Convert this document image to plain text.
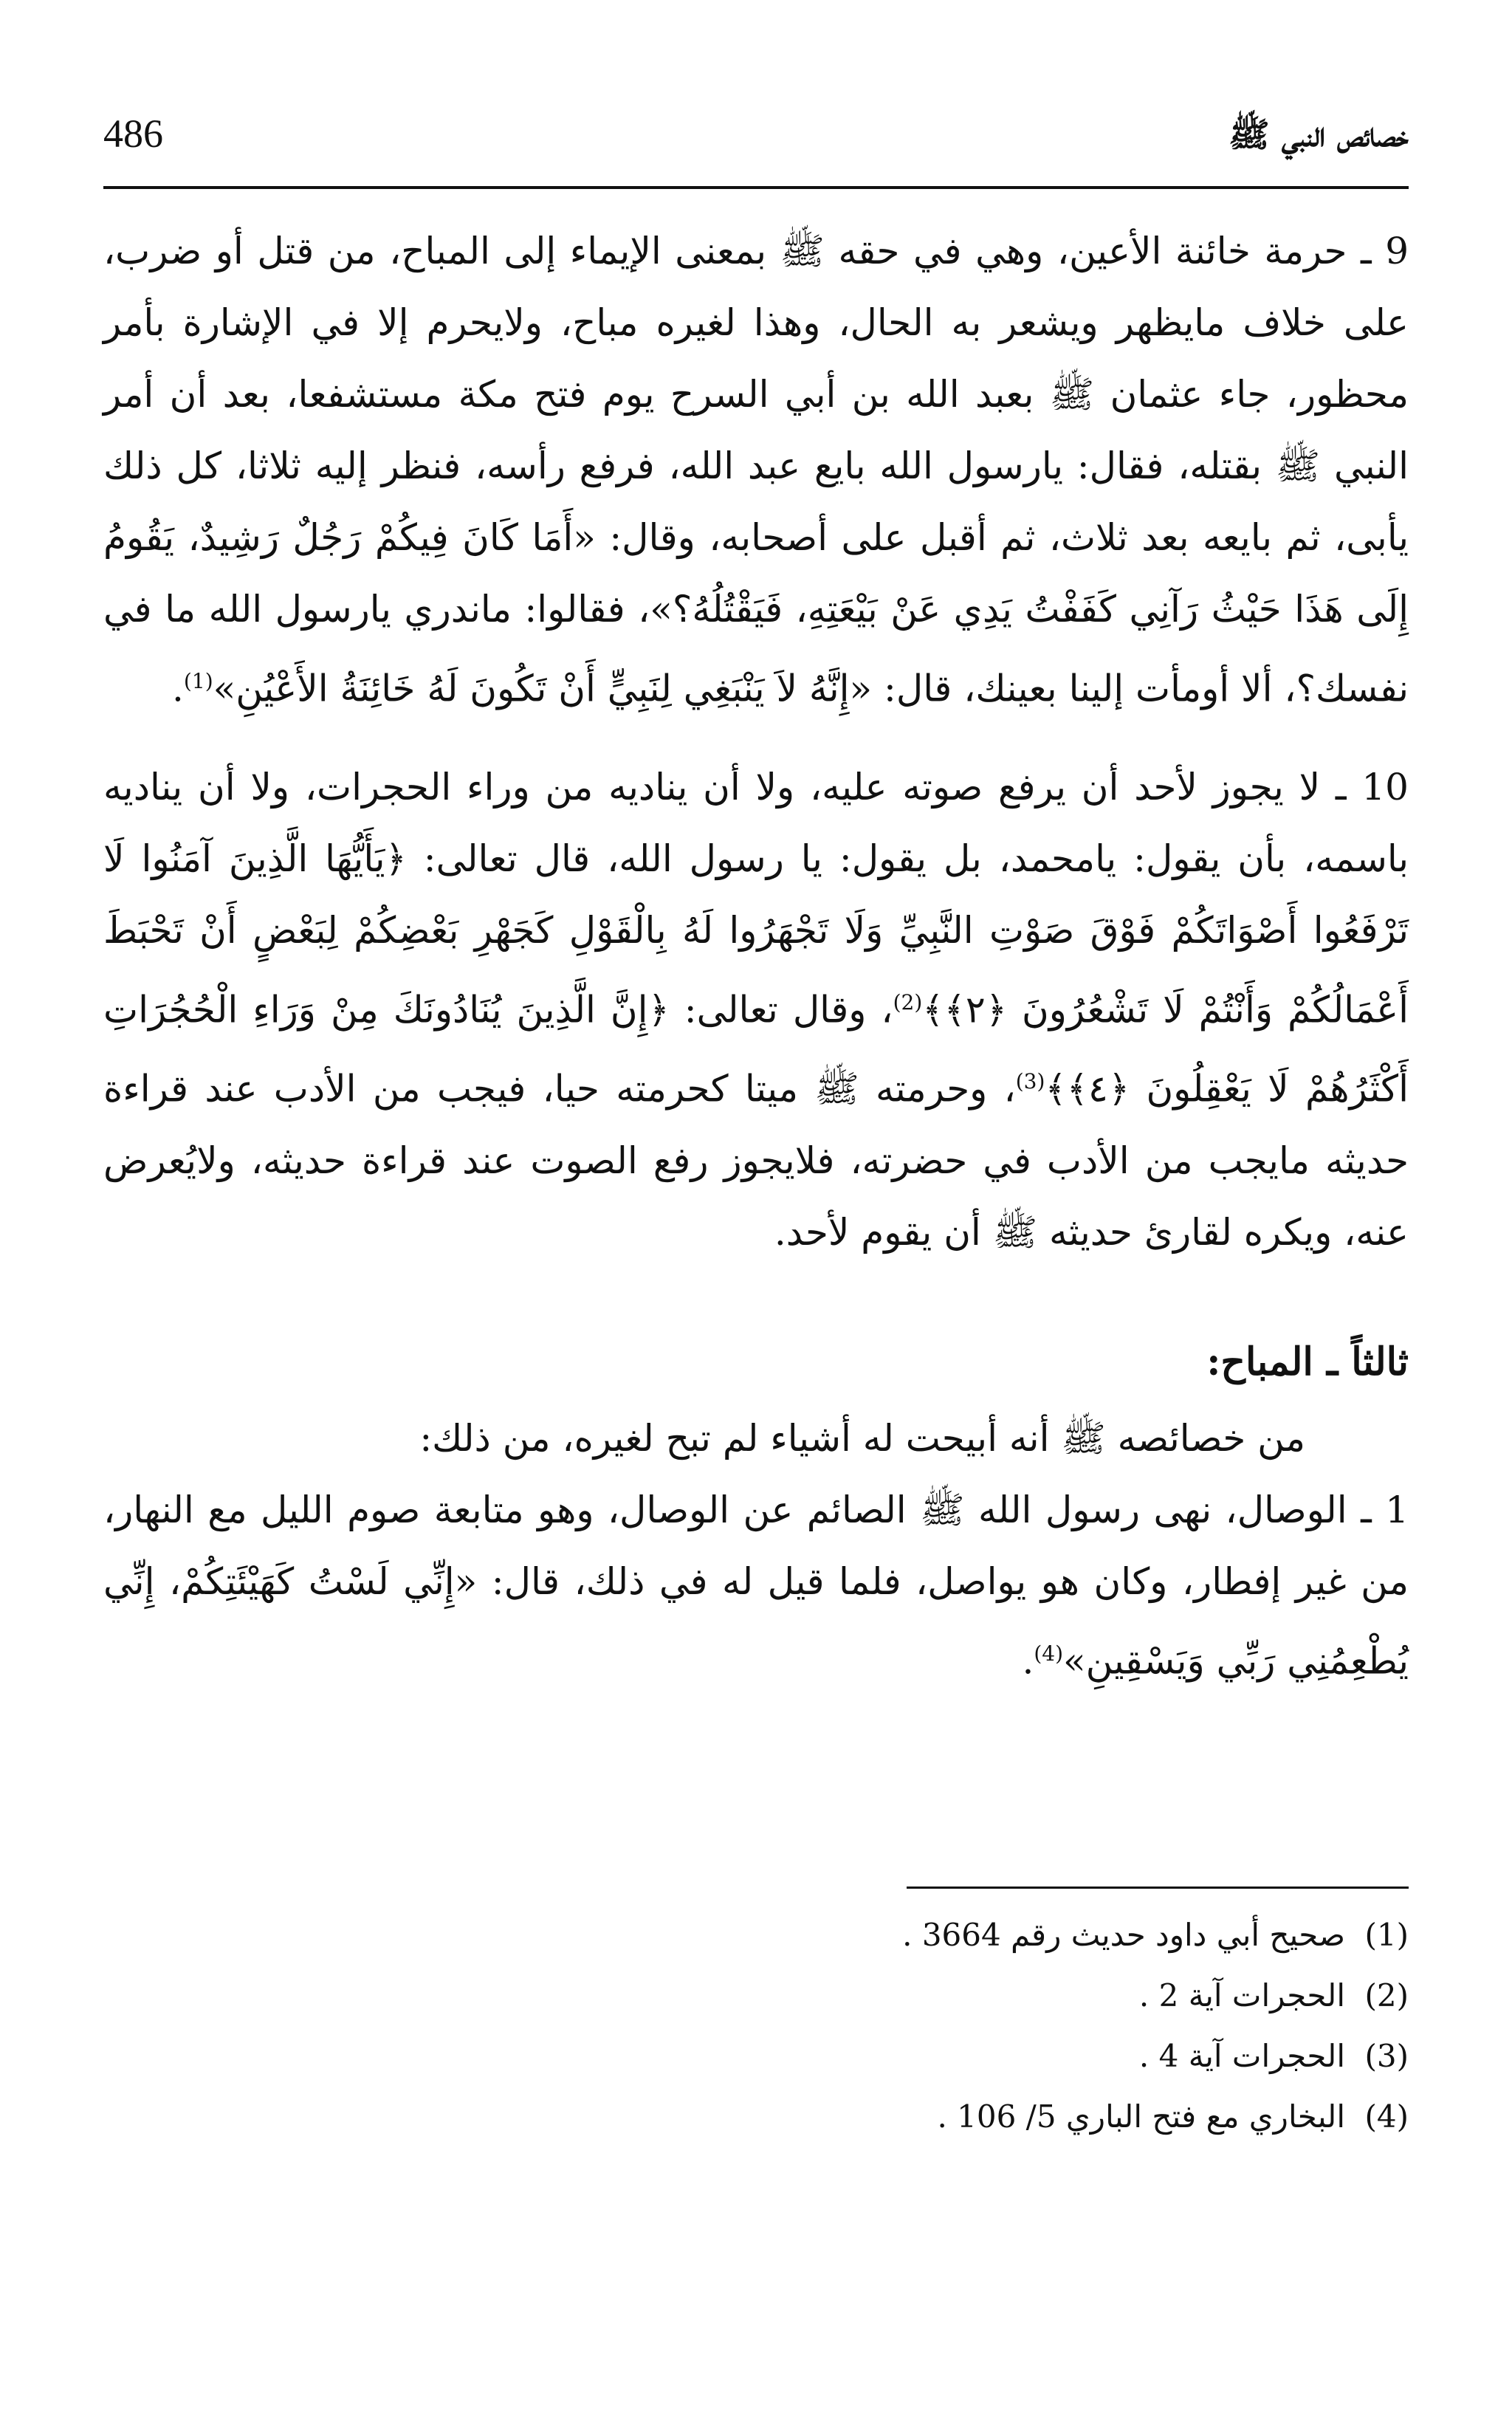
486	خصائص النبي ﷺ

9 ـ حرمة خائنة الأعين، وهي في حقه ﷺ بمعنى الإيماء إلى المباح، من قتل أو ضرب، على خلاف مايظهر ويشعر به الحال، وهذا لغيره مباح، ولايحرم إلا في الإشارة بأمر محظور، جاء عثمان ﷺ بعبد الله بن أبي السرح يوم فتح مكة مستشفعا، بعد أن أمر النبي ﷺ بقتله، فقال: يارسول الله بايع عبد الله، فرفع رأسه، فنظر إليه ثلاثا، كل ذلك يأبى، ثم بايعه بعد ثلاث، ثم أقبل على أصحابه، وقال: «أَمَا كَانَ فِيكُمْ رَجُلٌ رَشِيدٌ، يَقُومُ إِلَى هَذَا حَيْثُ رَآنِي كَفَفْتُ يَدِي عَنْ بَيْعَتِهِ، فَيَقْتُلُهُ؟»، فقالوا: ماندري يارسول الله ما في نفسك؟، ألا أومأت إلينا بعينك، قال: «إِنَّهُ لاَ يَنْبَغِي لِنَبِيٍّ أَنْ تَكُونَ لَهُ خَائِنَةُ الأَعْيُنِ»$^{(1)}$.

10 ـ لا يجوز لأحد أن يرفع صوته عليه، ولا أن يناديه من وراء الحجرات، ولا أن يناديه باسمه، بأن يقول: يامحمد، بل يقول: يا رسول الله، قال تعالى: ﴿يَأَيُّهَا الَّذِينَ آمَنُوا لَا تَرْفَعُوا أَصْوَاتَكُمْ فَوْقَ صَوْتِ النَّبِيِّ وَلَا تَجْهَرُوا لَهُ بِالْقَوْلِ كَجَهْرِ بَعْضِكُمْ لِبَعْضٍ أَنْ تَحْبَطَ أَعْمَالُكُمْ وَأَنْتُمْ لَا تَشْعُرُونَ ﴿٢﴾﴾$^{(2)}$، وقال تعالى: ﴿إِنَّ الَّذِينَ يُنَادُونَكَ مِنْ وَرَاءِ الْحُجُرَاتِ أَكْثَرُهُمْ لَا يَعْقِلُونَ ﴿٤﴾﴾$^{(3)}$، وحرمته ﷺ ميتا كحرمته حيا، فيجب من الأدب عند قراءة حديثه مايجب من الأدب في حضرته، فلايجوز رفع الصوت عند قراءة حديثه، ولايُعرض عنه، ويكره لقارئ حديثه ﷺ أن يقوم لأحد.

ثالثاً ـ المباح:

من خصائصه ﷺ أنه أبيحت له أشياء لم تبح لغيره، من ذلك:

1 ـ الوصال، نهى رسول الله ﷺ الصائم عن الوصال، وهو متابعة صوم الليل مع النهار، من غير إفطار، وكان هو يواصل، فلما قيل له في ذلك، قال: «إِنِّي لَسْتُ كَهَيْئَتِكُمْ، إِنِّي يُطْعِمُنِي رَبِّي وَيَسْقِينِ»$^{(4)}$.

(1)
صحيح أبي داود حديث رقم 3664 .
(2)
الحجرات آية 2 .
(3)
الحجرات آية 4 .
(4)
البخاري مع فتح الباري 5/ 106 .
